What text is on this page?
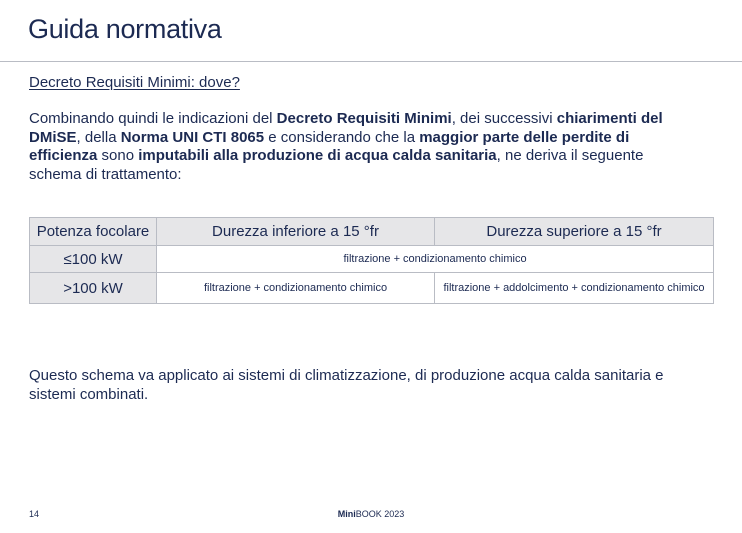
Guida normativa
Decreto Requisiti Minimi: dove?

Combinando quindi le indicazioni del Decreto Requisiti Minimi, dei successivi chiarimenti del DMiSE, della Norma UNI CTI 8065 e considerando che la maggior parte delle perdite di efficienza sono imputabili alla produzione di acqua calda sanitaria, ne deriva il seguente schema di trattamento:

Potenza focolare	Durezza inferiore a 15 °fr	Durezza superiore a 15 °fr
≤100 kW	filtrazione + condizionamento chimico	
>100 kW	filtrazione + condizionamento chimico	filtrazione + addolcimento + condizionamento chimico

Questo schema va applicato ai sistemi di climatizzazione, di produzione acqua calda sanitaria e sistemi combinati.

14	MiniBOOK 2023
